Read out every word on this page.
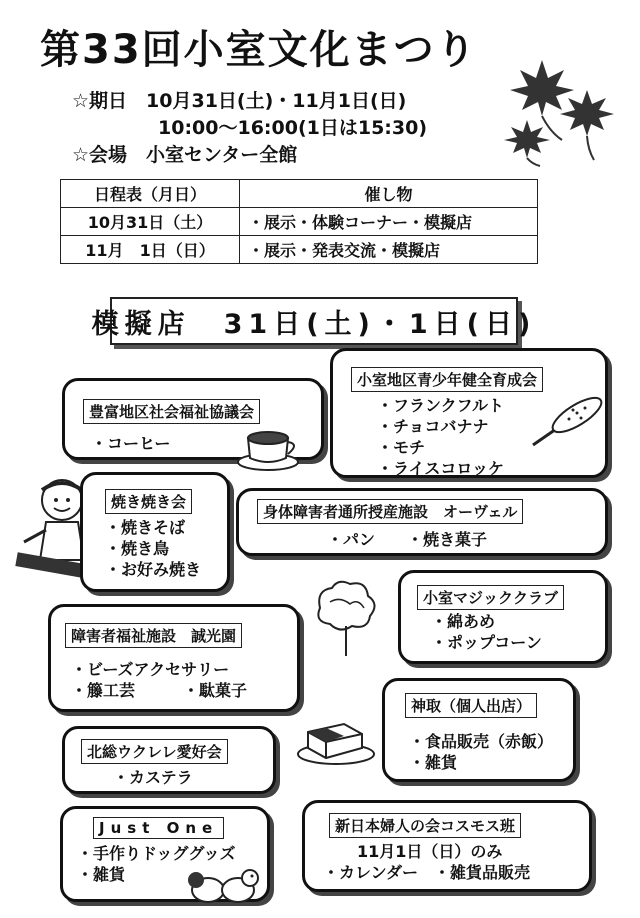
第33回小室文化まつり
☆期日　10月31日(土)・11月1日(日)
10:00〜16:00(1日は15:30)
☆会場　小室センター全館
日程表（月日）	催し物
10月31日（土）	・展示・体験コーナー・模擬店
11月　1日（日）	・展示・発表交流・模擬店
模擬店　31日(土)・1日(日)
小室地区青少年健全育成会
・フランクフルト
・チョコバナナ
・モチ
・ライスコロッケ
豊富地区社会福祉協議会
・コーヒー
焼き焼き会
・焼きそば
・焼き鳥
・お好み焼き
身体障害者通所授産施設　オーヴェル
・パン　　・焼き菓子
小室マジッククラブ
・綿あめ
・ポップコーン
障害者福祉施設　誠光園
・ビーズアクセサリー
・籐工芸　　　・駄菓子
神取（個人出店）
・食品販売（赤飯）
・雑貨
北総ウクレレ愛好会
・カステラ
Just One
・手作りドッググッズ
・雑貨
新日本婦人の会コスモス班
11月1日（日）のみ
・カレンダー　・雑貨品販売
